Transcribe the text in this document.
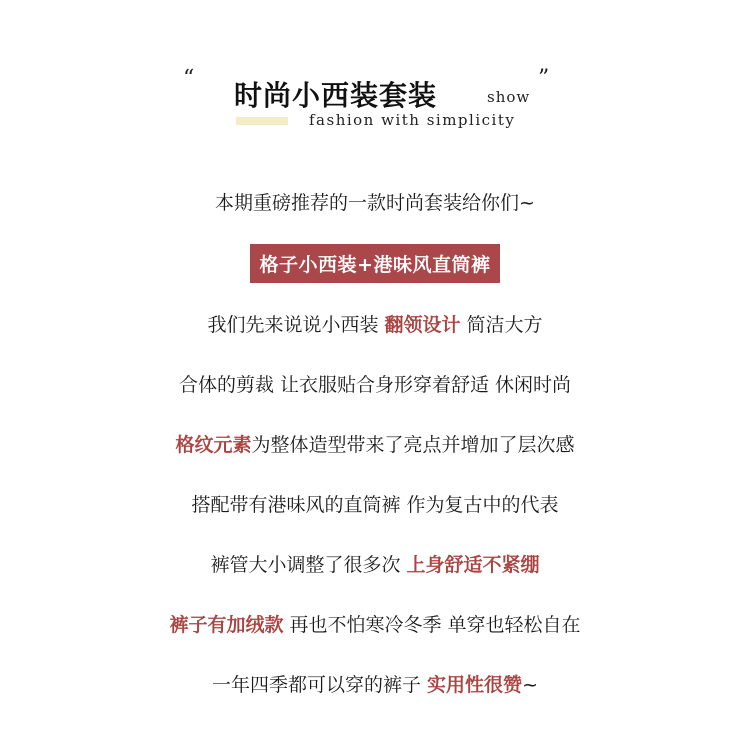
“
时尚小西装套装	show
”
fashion with simplicity
本期重磅推荐的一款时尚套装给你们~
格子小西装+港味风直筒裤
我们先来说说小西装 翻领设计 简洁大方
合体的剪裁 让衣服贴合身形穿着舒适 休闲时尚
格纹元素为整体造型带来了亮点并增加了层次感
搭配带有港味风的直筒裤 作为复古中的代表
裤管大小调整了很多次 上身舒适不紧绷
裤子有加绒款 再也不怕寒冷冬季 单穿也轻松自在
一年四季都可以穿的裤子 实用性很赞~
